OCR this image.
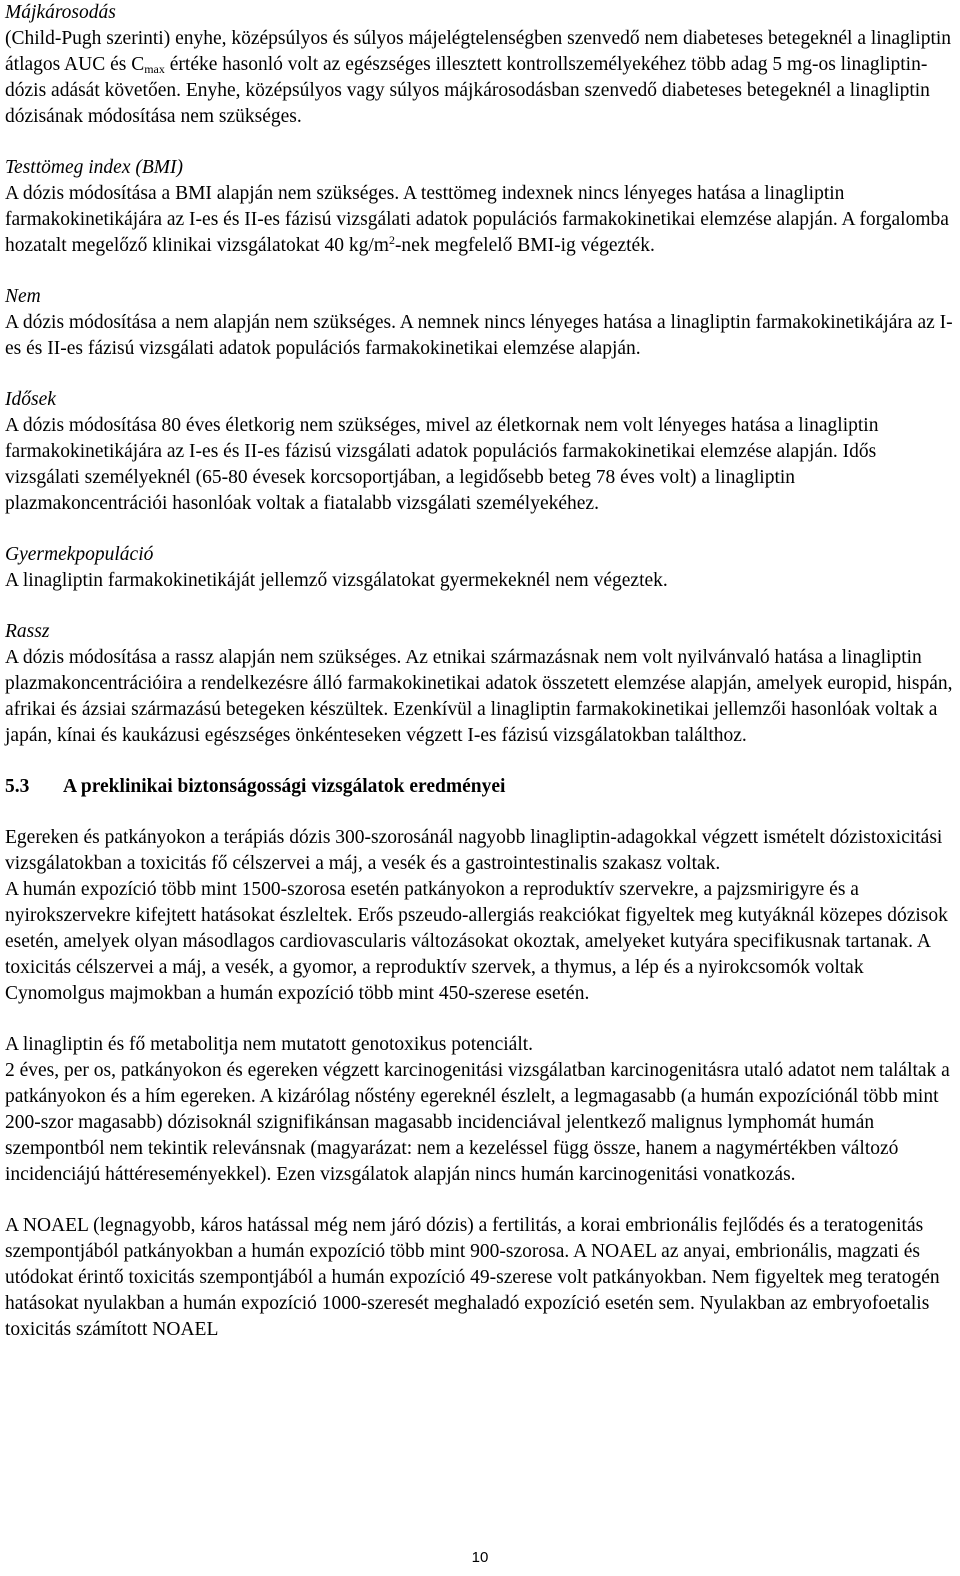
Májkárosodás

(Child-Pugh szerinti) enyhe, középsúlyos és súlyos májelégtelenségben szenvedő nem diabeteses betegeknél a linagliptin átlagos AUC és $C_{max}$ értéke hasonló volt az egészséges illesztett kontrollszemélyekéhez több adag 5 mg-os linagliptin-dózis adását követően. Enyhe, középsúlyos vagy súlyos májkárosodásban szenvedő diabeteses betegeknél a linagliptin dózisának módosítása nem szükséges.

Testtömeg index (BMI)

A dózis módosítása a BMI alapján nem szükséges. A testtömeg indexnek nincs lényeges hatása a linagliptin farmakokinetikájára az I-es és II-es fázisú vizsgálati adatok populációs farmakokinetikai elemzése alapján. A forgalomba hozatalt megelőző klinikai vizsgálatokat 40 $kg/m^2$-nek megfelelő BMI-ig végezték.

Nem

A dózis módosítása a nem alapján nem szükséges. A nemnek nincs lényeges hatása a linagliptin farmakokinetikájára az I-es és II-es fázisú vizsgálati adatok populációs farmakokinetikai elemzése alapján.

Idősek

A dózis módosítása 80 éves életkorig nem szükséges, mivel az életkornak nem volt lényeges hatása a linagliptin farmakokinetikájára az I-es és II-es fázisú vizsgálati adatok populációs farmakokinetikai elemzése alapján. Idős vizsgálati személyeknél (65-80 évesek korcsoportjában, a legidősebb beteg 78 éves volt) a linagliptin plazmakoncentrációi hasonlóak voltak a fiatalabb vizsgálati személyekéhez.

Gyermekpopuláció

A linagliptin farmakokinetikáját jellemző vizsgálatokat gyermekeknél nem végeztek.

Rassz

A dózis módosítása a rassz alapján nem szükséges. Az etnikai származásnak nem volt nyilvánvaló hatása a linagliptin plazmakoncentrációira a rendelkezésre álló farmakokinetikai adatok összetett elemzése alapján, amelyek europid, hispán, afrikai és ázsiai származású betegeken készültek. Ezenkívül a linagliptin farmakokinetikai jellemzői hasonlóak voltak a japán, kínai és kaukázusi egészséges önkénteseken végzett I-es fázisú vizsgálatokban találthoz.

5.3	A preklinikai biztonságossági vizsgálatok eredményei

Egereken és patkányokon a terápiás dózis 300-szorosánál nagyobb linagliptin-adagokkal végzett ismételt dózistoxicitási vizsgálatokban a toxicitás fő célszervei a máj, a vesék és a gastrointestinalis szakasz voltak.

A humán expozíció több mint 1500-szorosa esetén patkányokon a reproduktív szervekre, a pajzsmirigyre és a nyirokszervekre kifejtett hatásokat észleltek. Erős pszeudo-allergiás reakciókat figyeltek meg kutyáknál közepes dózisok esetén, amelyek olyan másodlagos cardiovascularis változásokat okoztak, amelyeket kutyára specifikusnak tartanak. A toxicitás célszervei a máj, a vesék, a gyomor, a reproduktív szervek, a thymus, a lép és a nyirokcsomók voltak Cynomolgus majmokban a humán expozíció több mint 450-szerese esetén.

A linagliptin és fő metabolitja nem mutatott genotoxikus potenciált.

2 éves, per os, patkányokon és egereken végzett karcinogenitási vizsgálatban karcinogenitásra utaló adatot nem találtak a patkányokon és a hím egereken. A kizárólag nőstény egereknél észlelt, a legmagasabb (a humán expozíciónál több mint 200-szor magasabb) dózisoknál szignifikánsan magasabb incidenciával jelentkező malignus lymphomát humán szempontból nem tekintik relevánsnak (magyarázat: nem a kezeléssel függ össze, hanem a nagymértékben változó incidenciájú háttéreseményekkel). Ezen vizsgálatok alapján nincs humán karcinogenitási vonatkozás.

A NOAEL (legnagyobb, káros hatással még nem járó dózis) a fertilitás, a korai embrionális fejlődés és a teratogenitás szempontjából patkányokban a humán expozíció több mint 900-szorosa. A NOAEL az anyai, embrionális, magzati és utódokat érintő toxicitás szempontjából a humán expozíció 49-szerese volt patkányokban. Nem figyeltek meg teratogén hatásokat nyulakban a humán expozíció 1000-szeresét meghaladó expozíció esetén sem. Nyulakban az embryofoetalis toxicitás számított NOAEL

10
